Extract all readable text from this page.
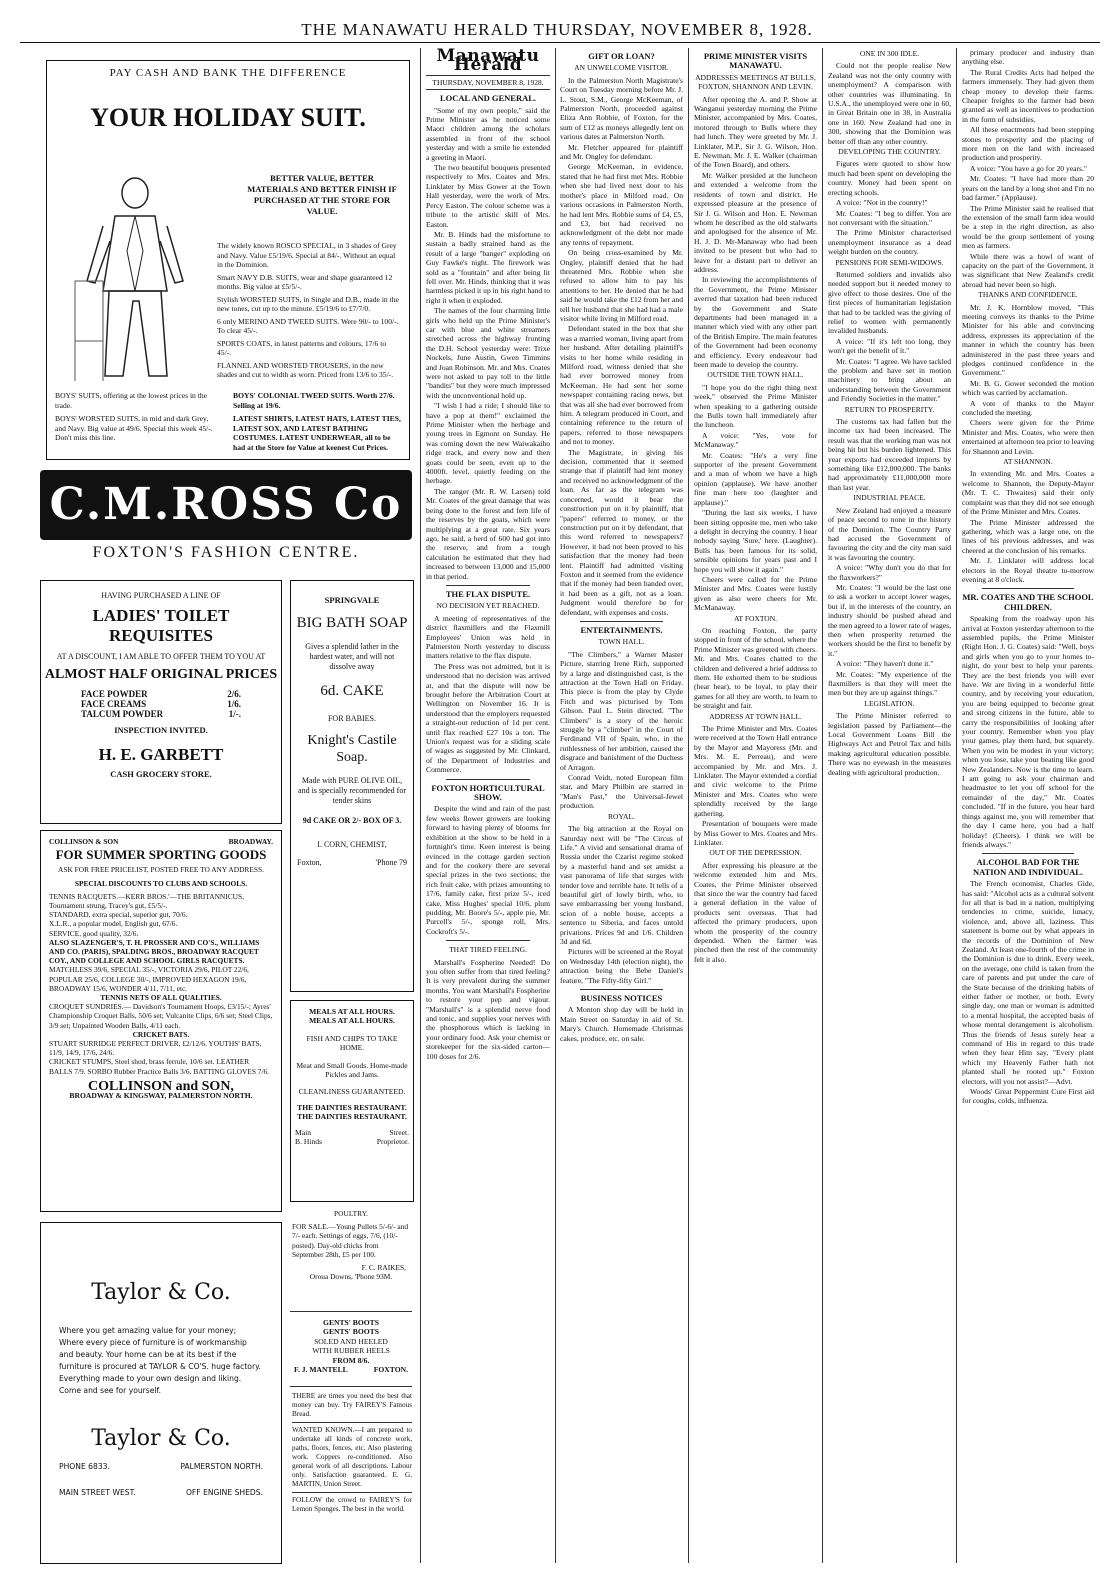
THE MANAWATU HERALD THURSDAY, NOVEMBER 8, 1928.
PAY CASH AND BANK THE DIFFERENCE
YOUR HOLIDAY SUIT.
BETTER VALUE, BETTER MATERIALS AND BETTER FINISH IF PURCHASED AT THE STORE FOR VALUE.
The widely known ROSCO SPECIAL, in 3 shades of Grey and Navy. Value £5/19/6. Special at 84/-. Without an equal in the Dominion.
Smart NAVY D.B. SUITS, wear and shape guaranteed 12 months. Big value at £5/5/-.
Stylish WORSTED SUITS, in Single and D.B., made in the new tones, cut up to the minute. £5/19/6 to £7/7/0.
6 only MERINO AND TWEED SUITS. Were 90/- to 100/-. To clear 45/-.
SPORTS COATS, in latest patterns and colours, 17/6 to 45/-.
FLANNEL AND WORSTED TROUSERS, in the new shades and cut to width as worn. Priced from 13/6 to 35/-.
BOYS' SUITS, offering at the lowest prices in the trade.
BOYS' WORSTED SUITS, in mid and dark Grey, and Navy. Big value at 49/6. Special this week 45/-. Don't miss this line.
BOYS' COLONIAL TWEED SUITS. Worth 27/6. Selling at 19/6.
LATEST SHIRTS, LATEST HATS, LATEST TIES, LATEST SOX, AND LATEST BATHING COSTUMES. LATEST UNDERWEAR, all to be had at the Store for Value at keenest Cut Prices.
C.M.ROSS Co
FOXTON'S FASHION CENTRE.
HAVING PURCHASED A LINE OF
LADIES' TOILET REQUISITES
AT A DISCOUNT, I AM ABLE TO OFFER THEM TO YOU AT
ALMOST HALF ORIGINAL PRICES
FACE POWDER	2/6.
FACE CREAMS	1/6.
TALCUM POWDER	1/-.
INSPECTION INVITED.
H. E. GARBETT
CASH GROCERY STORE.
SPRINGVALE
BIG BATH SOAP
Gives a splendid lather in the hardest water, and will not dissolve away
6d. CAKE
FOR BABIES.
Knight's Castile Soap.
Made with PURE OLIVE OIL, and is specially recommended for tender skins
9d CAKE OR 2/- BOX OF 3.
I. CORN, CHEMIST,
Foxton,	'Phone 79
COLLINSON & SON	BROADWAY.
FOR SUMMER SPORTING GOODS
ASK FOR FREE PRICELIST, POSTED FREE TO ANY ADDRESS.
SPECIAL DISCOUNTS TO CLUBS AND SCHOOLS.
TENNIS RACQUETS.—KERR BROS.'—THE BRITANNICUS, Tournament strung, Tracey's gut, £5/5/-.
STANDARD, extra special, superior gut, 70/6.
X.L.R., a popular model, English gut, 67/6.
SERVICE, good quality, 32/6.
ALSO SLAZENGER'S, T. H. PROSSER AND CO'S., WILLIAMS AND CO. (PARIS), SPALDING BROS., BROADWAY RACQUET COY., AND COLLEGE AND SCHOOL GIRLS RACQUETS.
MATCHLESS 39/6, SPECIAL 35/-, VICTORIA 29/6, PILOT 22/6, POPULAR 25/6, COLLEGE 30/-, IMPROVED HEXAGON 19/6, BROADWAY 15/6, WONDER 4/11, 7/11, etc.
TENNIS NETS OF ALL QUALITIES.
CROQUET SUNDRIES.— Davidson's Tournament Hoops, £3/15/-; Ayres' Championship Croquet Balls, 50/6 set; Vulcanite Clips, 6/6 set; Steel Clips, 3/9 set; Unpainted Wooden Balls, 4/11 each.
CRICKET BATS.
STUART SURRIDGE PERFECT DRIVER, £2/12/6. YOUTHS' BATS, 11/9, 14/9, 17/6, 24/6.
CRICKET STUMPS, Steel shod, brass ferrule, 10/6 set. LEATHER BALLS 7/9. SORBO Rubber Practice Balls 3/6. BATTING GLOVES 7/6.
COLLINSON and SON,
BROADWAY & KINGSWAY, PALMERSTON NORTH.
MEALS AT ALL HOURS.
MEALS AT ALL HOURS.
FISH AND CHIPS TO TAKE HOME.
Meat and Small Goods. Home-made Pickles and Jams.
CLEANLINESS GUARANTEED.
THE DAINTIES RESTAURANT.
THE DAINTIES RESTAURANT.
Main	Street.
B. Hinds	Proprietor.
POULTRY.
FOR SALE.—Young Pullets 5/-6/- and 7/- each. Settings of eggs, 7/6, (10/- posted). Day-old chicks from September 28th, £5 per 100.
F. C. RAIKES,
Oroua Downs, 'Phone 93M.
GENTS' BOOTS
GENTS' BOOTS
SOLED AND HEELED
WITH RUBBER HEELS
FROM 8/6.
F. J. MANTELL	FOXTON.
THERE are times you need the best that money can buy. Try FAIREY'S Famous Bread.
WANTED KNOWN.—I am prepared to undertake all kinds of concrete work, paths, floors, fences, etc. Also plastering work. Coppers re-conditioned. Also general work of all descriptions. Labour only. Satisfaction guaranteed. E. G. MARTIN, Union Street.
FOLLOW the crowd to FAIREY'S for Lemon Sponges. The best in the world.
Taylor & Co.
Where you get amazing value for your money; Where every piece of furniture is of workmanship and beauty. Your home can be at its best if the furniture is procured at TAYLOR & CO'S. huge factory. Everything made to your own design and liking. Come and see for yourself.
Taylor & Co.
PHONE 6833.	PALMERSTON NORTH.
MAIN STREET WEST.	OFF ENGINE SHEDS.
Manawatu Herald
THURSDAY, NOVEMBER 8, 1928.
LOCAL AND GENERAL.

"Some of my own people," said the Prime Minister as he noticed some Maori children among the scholars assembled in front of the school yesterday and with a smile he extended a greeting in Maori.

The two beautiful bouquets presented respectively to Mrs. Coates and Mrs. Linklater by Miss Gower at the Town Hall yesterday, were the work of Mrs. Percy Easton. The colour scheme was a tribute to the artistic skill of Mrs. Easton.

Mr. B. Hinds had the misfortune to sustain a badly strained hand as the result of a large "banger" exploding on Guy Fawke's night. The firework was sold as a "fountain" and after being lit fell over. Mr. Hinds, thinking that it was harmless picked it up in his right hand to right it when it exploded.

The names of the four charming little girls who held up the Prime Minister's car with blue and white streamers stretched across the highway fronting the D.H. School yesterday were: Trixe Nockels, June Austin, Gwen Timmins and Joan Robinson. Mr. and Mrs. Coates were not asked to pay toll to the little "bandits" but they were much impressed with the unconventional hold up.

"I wish I had a ride; I should like to have a pop at them!" exclaimed the Prime Minister when the herbage and young trees in Egmont on Sunday. He was coming down the new Waiwakaiho ridge track, and every now and then goats could be seen, even up to the 4000ft. level, quietly feeding on the herbage.

The ranger (Mr. R. W. Larsen) told Mr. Coates of the great damage that was being done to the forest and fern life of the reserves by the goats, which were multiplying at a great rate. Six years ago, he said, a herd of 600 had got into the reserve, and from a rough calculation he estimated that they had increased to between 13,000 and 15,000 in that period.

THE FLAX DISPUTE.
NO DECISION YET REACHED.

A meeting of representatives of the district flaxmillers and the Flaxmill Employees' Union was held in Palmerston North yesterday to discuss matters relative to the flax dispute.

The Press was not admitted, but it is understood that no decision was arrived at, and that the dispute will now be brought before the Arbitration Court at Wellington on November 16. It is understood that the employers requested a straight-out reduction of 1d per cent. until flax reached £27 10s a ton. The Union's request was for a sliding scale of wages as suggested by Mr. Clinkard, of the Department of Industries and Commerce.

FOXTON HORTICULTURAL SHOW.

Despite the wind and rain of the past few weeks flower growers are looking forward to having plenty of blooms for exhibition at the show to be held in a fortnight's time. Keen interest is being evinced in the cottage garden section and for the cookery there are several special prizes in the two sections; the rich fruit cake, with prizes amounting to 17/6, family cake, first prize 5/-, iced cake, Miss Hughes' special 10/6, plum pudding, Mr. Boore's 5/-, apple pie, Mr. Purcell's 5/-, sponge roll, Mrs. Cockroft's 5/-.

THAT TIRED FEELING.

Marshall's Fospherine Needed! Do you often suffer from that tired feeling? It is very prevalent during the summer months. You want Marshall's Fospherine to restore your pep and vigour. "Marshall's" is a splendid nerve food and tonic, and supplies your nerves with the phosphorous which is lacking in your ordinary food. Ask your chemist or storekeeper for the six-sided carton—100 doses for 2/6.

GIFT OR LOAN?
AN UNWELCOME VISITOR.

In the Palmerston North Magistrate's Court on Tuesday morning before Mr. J. L. Stout, S.M., George McKeeman, of Palmerston North, proceeded against Eliza Ann Robbie, of Foxton, for the sum of £12 as moneys allegedly lent on various dates at Palmerston North.

Mr. Fletcher appeared for plaintiff and Mr. Ongley for defendant.

George McKeeman, in evidence, stated that he had first met Mrs. Robbie when she had lived next door to his mother's place in Milford road. On various occasions in Palmerston North, he had lent Mrs. Robbie sums of £4, £5, and £3, but had received no acknowledgment of the debt nor made any terms of repayment.

On being cross-examined by Mr. Ongley, plaintiff denied that he had threatened Mrs. Robbie when she refused to allow him to pay his attentions to her. He denied that he had said he would take the £12 from her and tell her husband that she had had a male visitor while living in Milford road.

Defendant stated in the box that she was a married woman, living apart from her husband. After detailing plaintiff's visits to her home while residing in Milford road, witness denied that she had ever borrowed money from McKeeman. He had sent her some newspaper containing racing news, but that was all she had ever borrowed from him. A telegram produced in Court, and containing reference to the return of papers, referred to those newspapers and not to money.

The Magistrate, in giving his decision, commented that it seemed strange that if plaintiff had lent money and received no acknowledgment of the loan. As far as the telegram was concerned, would it bear the construction put on it by plaintiff, that "papers" referred to money, or the construction put on it by defendant, that this word referred to newspapers? However, it had not been proved to his satisfaction that the money had been lent. Plaintiff had admitted visiting Foxton and it seemed from the evidence that if the money had been handed over, it had been as a gift, not as a loan. Judgment would therefore be for defendant, with expenses and costs.

ENTERTAINMENTS.
TOWN HALL.

"The Climbers," a Warner Master Picture, starring Irene Rich, supported by a large and distinguished cast, is the attraction at the Town Hall on Friday. This piece is from the play by Clyde Fitch and was picturised by Tom Gibson. Paul L. Stein directed. "The Climbers" is a story of the heroic struggle by a "climber" in the Court of Ferdinand VII of Spain, who, in the ruthlessness of her ambition, caused the disgrace and banishment of the Duchess of Arragon.

Conrad Veidt, noted European film star, and Mary Philbin are starred in "Man's Past," the Universal-Jewel production.

ROYAL.

The big attraction at the Royal on Saturday next will be "The Circus of Life." A vivid and sensational drama of Russia under the Czarist regime stoked by a masterful hand and set amidst a vast panorama of life that surges with tender love and terrible hate. It tells of a beautiful girl of lowly birth, who, to save embarrassing her young husband, scion of a noble house, accepts a sentence to Siberia, and faces untold privations. Prices 9d and 1/6. Children 3d and 6d.

Pictures will be screened at the Royal on Wednesday 14th (election night), the attraction being the Bebe Daniel's feature, "The Fifty-fifty Girl."

BUSINESS NOTICES

A Monton shop day will be held in Main Street on Saturday in aid of St. Mary's Church. Homemade Christmas cakes, produce, etc. on sale.

PRIME MINISTER VISITS MANAWATU.
ADDRESSES MEETINGS AT BULLS, FOXTON, SHANNON AND LEVIN.

After opening the A. and P. Show at Wanganui yesterday morning the Prime Minister, accompanied by Mrs. Coates, motored through to Bulls where they had lunch. They were greeted by Mr. J. Linklater, M.P., Sir J. G. Wilson, Hon. E. Newman, Mr. J. E. Walker (chairman of the Town Board), and others.

Mr. Walker presided at the luncheon and extended a welcome from the residents of town and district. He expressed pleasure at the presence of Sir J. G. Wilson and Hon. E. Newman whom he described as the old stalwarts and apologised for the absence of Mr. H. J. D. Mr-Manaway who had been invited to be present but who had to leave for a distant part to deliver an address.

In reviewing the accomplishments of the Government, the Prime Minister averred that taxation had been reduced by the Government and State departments had been managed in a manner which vied with any other part of the British Empire. The main features of the Government had been economy and efficiency. Every endeavour had been made to develop the country.

OUTSIDE THE TOWN HALL.

"I hope you do the right thing next week," observed the Prime Minister when speaking to a gathering outside the Bulls town hall immediately after the luncheon.

A voice: "Yes, vote for McManaway."

Mr. Coates: "He's a very fine supporter of the present Government and a man of whom we have a high opinion (applause). We have another fine man here too (laughter and applause)."

"During the last six weeks, I have been sitting opposite me, men who take a delight in decrying the country. I hear nobody saying 'Sure,' here. (Laughter). Bulls has been famous for its solid, sensible opinions for years past and I hope you will show it again."

Cheers were called for the Prime Minister and Mrs. Coates were lustily given as also were cheers for Mr. McManaway.

AT FOXTON.

On reaching Foxton, the party stopped in front of the school, where the Prime Minister was greeted with cheers. Mr. and Mrs. Coates chatted to the children and delivered a brief address to them. He exhorted them to be studious (hear hear), to be loyal, to play their games for all they are worth, to learn to be straight and fair.

ADDRESS AT TOWN HALL.

The Prime Minister and Mrs. Coates were received at the Town Hall entrance by the Mayor and Mayoress (Mr. and Mrs. M. E. Perreau), and were accompanied by Mr. and Mrs. J. Linklater. The Mayor extended a cordial and civic welcome to the Prime Minister and Mrs. Coates who were splendidly received by the large gathering.

Presentation of bouquets were made by Miss Gower to Mrs. Coates and Mrs. Linklater.

OUT OF THE DEPRESSION.

After expressing his pleasure at the welcome extended him and Mrs. Coates, the Prime Minister observed that since the war the country had faced a general deflation in the value of products sent overseas. That had affected the primary producers, upon whom the prosperity of the country depended. When the farmer was pinched then the rest of the community felt it also.

ONE IN 300 IDLE.

Could not the people realise New Zealand was not the only country with unemployment? A comparison with other countries was illuminating. In U.S.A., the unemployed were one in 60, in Great Britain one in 38, in Australia one in 160. New Zealand had one in 300, showing that the Dominion was better off than any other country.

DEVELOPING THE COUNTRY.

Figures were quoted to show how much had been spent on developing the country. Money had been spent on erecting schools.

A voice: "Not in the country!"

Mr. Coates: "I beg to differ. You are not conversant with the situation."

The Prime Minister characterised unemployment insurance as a dead weight burden on the country.

PENSIONS FOR SEMI-WIDOWS.

Returned soldiers and invalids also needed support but it needed money to give effect to those desires. One of the first pieces of humanitarian legislation that had to be tackled was the giving of relief to women with permanently invalided husbands.

A voice: "If it's left too long, they won't get the benefit of it."

Mr. Coates: "I agree. We have tackled the problem and have set in motion machinery to bring about an understanding between the Government and Friendly Societies in the matter."

RETURN TO PROSPERITY.

The customs tax had fallen but the income tax had been increased. The result was that the working man was not being hit but his burden lightened. This year exports had exceeded imports by something like £12,000,000. The banks had approximately £11,000,000 more than last year.

INDUSTRIAL PEACE.

New Zealand had enjoyed a measure of peace second to none in the history of the Dominion. The Country Party had accused the Government of favouring the city and the city man said it was favouring the country.

A voice: "Why don't you do that for the flaxworkers?"

Mr. Coates: "I would be the last one to ask a worker to accept lower wages, but if, in the interests of the country, an industry should be pushed ahead and the men agreed to a lower rate of wages, then when prosperity returned the workers should be the first to benefit by it."

A voice: "They haven't done it."

Mr. Coates: "My experience of the flaxmillers is that they will meet the men but they are up against things."

LEGISLATION.

The Prime Minister referred to legislation passed by Parliament—the Local Government Loans Bill the Highways Act and Petrol Tax and bills making agricultural education possible. There was no eyewash in the measures dealing with agricultural production.

primary producer and industry than anything else.

The Rural Credits Acts had helped the farmers immensely. They had given them cheap money to develop their farms. Cheaper freights to the farmer had been granted as well as incentives to production in the form of subsidies.

All these enactments had been stepping stones to prosperity and the placing of more men on the land with increased production and prosperity.

A voice: "You have a go for 20 years."

Mr. Coates: "I have had more than 20 years on the land by a long shot and I'm no bad farmer." (Applause).

The Prime Minister said he realised that the extension of the small farm idea would be a step in the right direction, as also would be the group settlement of young men as farmers.

While there was a howl of want of capacity on the part of the Government, it was significant that New Zealand's credit abroad had never been so high.

THANKS AND CONFIDENCE.

Mr. J. K. Hornblow moved, "This meeting conveys its thanks to the Prime Minister for his able and convincing address, expresses its appreciation of the manner in which the country has been administered in the past three years and pledges continued confidence in the Government."

Mr. B. G. Gower seconded the motion which was carried by acclamation.

A vote of thanks to the Mayor concluded the meeting.

Cheers were given for the Prime Minister and Mrs. Coates, who were then entertained at afternoon tea prior to leaving for Shannon and Levin.

AT SHANNON.

In extending Mr. and Mrs. Coates a welcome to Shannon, the Deputy-Mayor (Mr. T. C. Thwaites) said their only complaint was that they did not see enough of the Prime Minister and Mrs. Coates.

The Prime Minister addressed the gathering, which was a large one, on the lines of his previous addresses, and was cheered at the conclusion of his remarks.

Mr. J. Linklater will address local electors in the Royal theatre to-morrow evening at 8 o'clock.

MR. COATES AND THE SCHOOL CHILDREN.

Speaking from the roadway upon his arrival at Foxton yesterday afternoon to the assembled pupils, the Prime Minister (Right Hon. J. G. Coates) said: "Well, boys and girls when you go to your homes to-night, do your best to help your parents. They are the best friends you will ever have. We are living in a wonderful little country, and by receiving your education, you are being equipped to become great and strong citizens in the future, able to carry the responsibilities of looking after your country. Remember when you play your games, play them hard, but squarely. When you win be modest in your victory; when you lose, take your beating like good New Zealanders. Now is the time to learn. I am going to ask your chairman and headmaster to let you off school for the remainder of the day," Mr. Coates concluded. "If in the future, you hear hard things against me, you will remember that the day I came here, you had a half holiday! (Cheers). I think we will be friends always."

ALCOHOL BAD FOR THE NATION AND INDIVIDUAL.

The French economist, Charles Gide, has said: "Alcohol acts as a cultural solvent for all that is bad in a nation, multiplying tendencies to crime, suicide, lunacy, violence, and, above all, laziness. This statement is borne out by what appears in the records of the Dominion of New Zealand. At least one-fourth of the crime in the Dominion is due to drink. Every week, on the average, one child is taken from the care of parents and put under the care of the State because of the drinking habits of either father or mother, or both. Every single day, one man or woman is admitted to a mental hospital, the accepted basis of whose mental derangement is alcoholism. Thus the friends of Jesus surely hear a command of His in regard to this trade when they hear Him say, "Every plant which my Heavenly Father hath not planted shall be rooted up." Foxton electors, will you not assist?—Advt.

Woods' Great Peppermint Cure First aid for coughs, colds, influenza.
